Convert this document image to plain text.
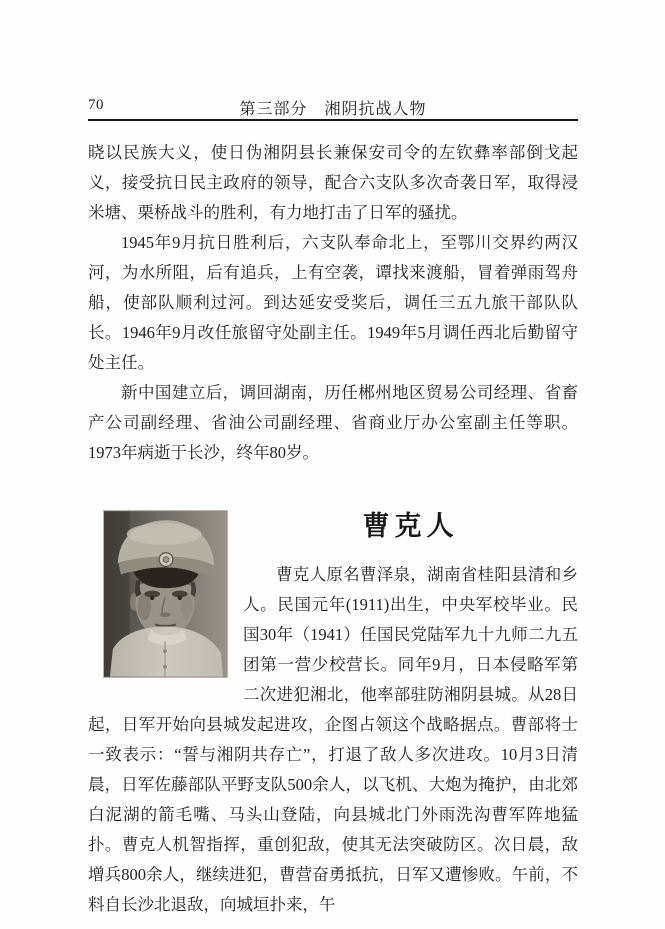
70	第三部分　湘阴抗战人物

晓以民族大义，使日伪湘阴县长兼保安司令的左钦彝率部倒戈起义，接受抗日民主政府的领导，配合六支队多次奇袭日军，取得浸米塘、栗桥战斗的胜利，有力地打击了日军的骚扰。

1945年9月抗日胜利后，六支队奉命北上，至鄂川交界约两汉河，为水所阻，后有追兵，上有空袭，谭找来渡船，冒着弹雨驾舟船，使部队顺利过河。到达延安受奖后，调任三五九旅干部队队长。1946年9月改任旅留守处副主任。1949年5月调任西北后勤留守处主任。

新中国建立后，调回湖南，历任郴州地区贸易公司经理、省畜产公司副经理、省油公司副经理、省商业厅办公室副主任等职。1973年病逝于长沙，终年80岁。

曹克人

曹克人原名曹泽泉，湖南省桂阳县清和乡人。民国元年(1911)出生，中央军校毕业。民国30年（1941）任国民党陆军九十九师二九五团第一营少校营长。同年9月，日本侵略军第二次进犯湘北，他率部驻防湘阴县城。从28日起，日军开始向县城发起进攻，企图占领这个战略据点。曹部将士一致表示：“誓与湘阴共存亡”，打退了敌人多次进攻。10月3日清晨，日军佐藤部队平野支队500余人，以飞机、大炮为掩护，由北郊白泥湖的箭毛嘴、马头山登陆，向县城北门外雨洗沟曹军阵地猛扑。曹克人机智指挥，重创犯敌，使其无法突破防区。次日晨，敌增兵800余人，继续进犯，曹营奋勇抵抗，日军又遭惨败。午前，不料自长沙北退敌，向城垣扑来，午
